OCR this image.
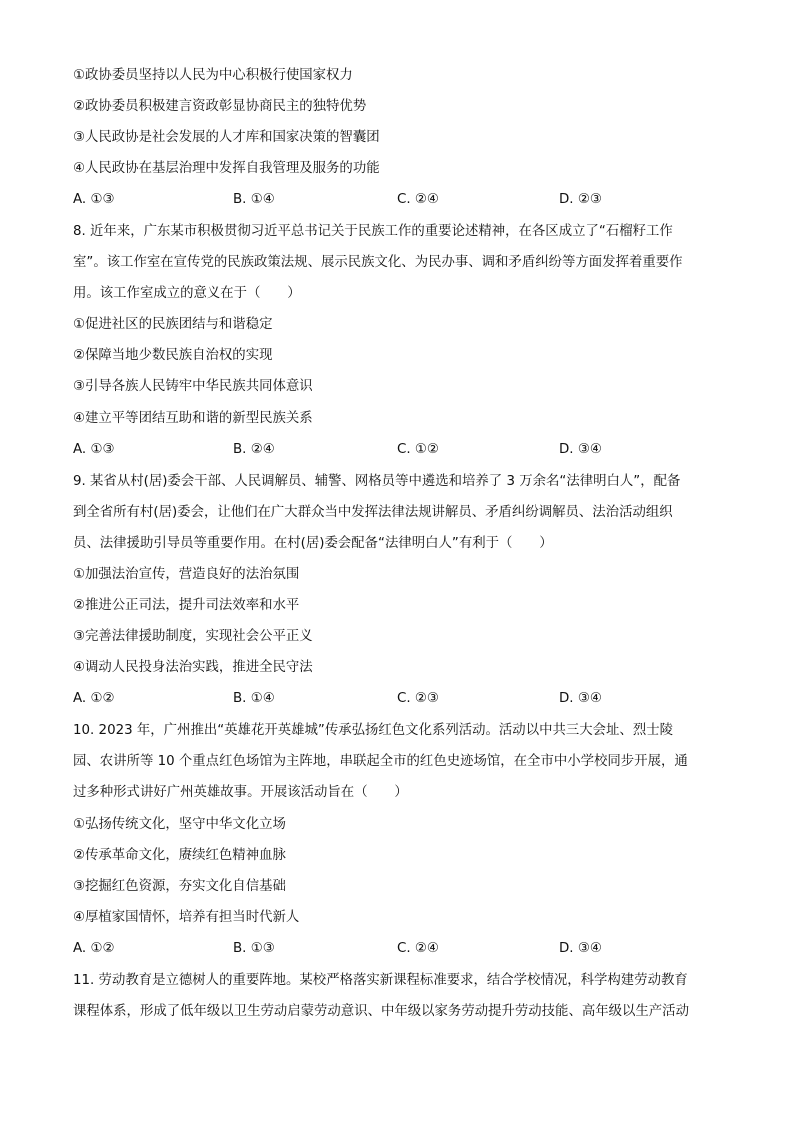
①政协委员坚持以人民为中心积极行使国家权力
②政协委员积极建言资政彰显协商民主的独特优势
③人民政协是社会发展的人才库和国家决策的智囊团
④人民政协在基层治理中发挥自我管理及服务的功能
A. ①③	B. ①④	C. ②④	D. ②③
8. 近年来，广东某市积极贯彻习近平总书记关于民族工作的重要论述精神，在各区成立了“石榴籽工作
室”。该工作室在宣传党的民族政策法规、展示民族文化、为民办事、调和矛盾纠纷等方面发挥着重要作
用。该工作室成立的意义在于（　　）
①促进社区的民族团结与和谐稳定
②保障当地少数民族自治权的实现
③引导各族人民铸牢中华民族共同体意识
④建立平等团结互助和谐的新型民族关系
A. ①③	B. ②④	C. ①②	D. ③④
9. 某省从村(居)委会干部、人民调解员、辅警、网格员等中遴选和培养了 3 万余名“法律明白人”，配备
到全省所有村(居)委会，让他们在广大群众当中发挥法律法规讲解员、矛盾纠纷调解员、法治活动组织
员、法律援助引导员等重要作用。在村(居)委会配备“法律明白人”有利于（　　）
①加强法治宣传，营造良好的法治氛围
②推进公正司法，提升司法效率和水平
③完善法律援助制度，实现社会公平正义
④调动人民投身法治实践，推进全民守法
A. ①②	B. ①④	C. ②③	D. ③④
10. 2023 年，广州推出“英雄花开英雄城”传承弘扬红色文化系列活动。活动以中共三大会址、烈士陵
园、农讲所等 10 个重点红色场馆为主阵地，串联起全市的红色史迹场馆，在全市中小学校同步开展，通
过多种形式讲好广州英雄故事。开展该活动旨在（　　）
①弘扬传统文化，坚守中华文化立场
②传承革命文化，赓续红色精神血脉
③挖掘红色资源，夯实文化自信基础
④厚植家国情怀，培养有担当时代新人
A. ①②	B. ①③	C. ②④	D. ③④
11. 劳动教育是立德树人的重要阵地。某校严格落实新课程标准要求，结合学校情况，科学构建劳动教育
课程体系，形成了低年级以卫生劳动启蒙劳动意识、中年级以家务劳动提升劳动技能、高年级以生产活动
